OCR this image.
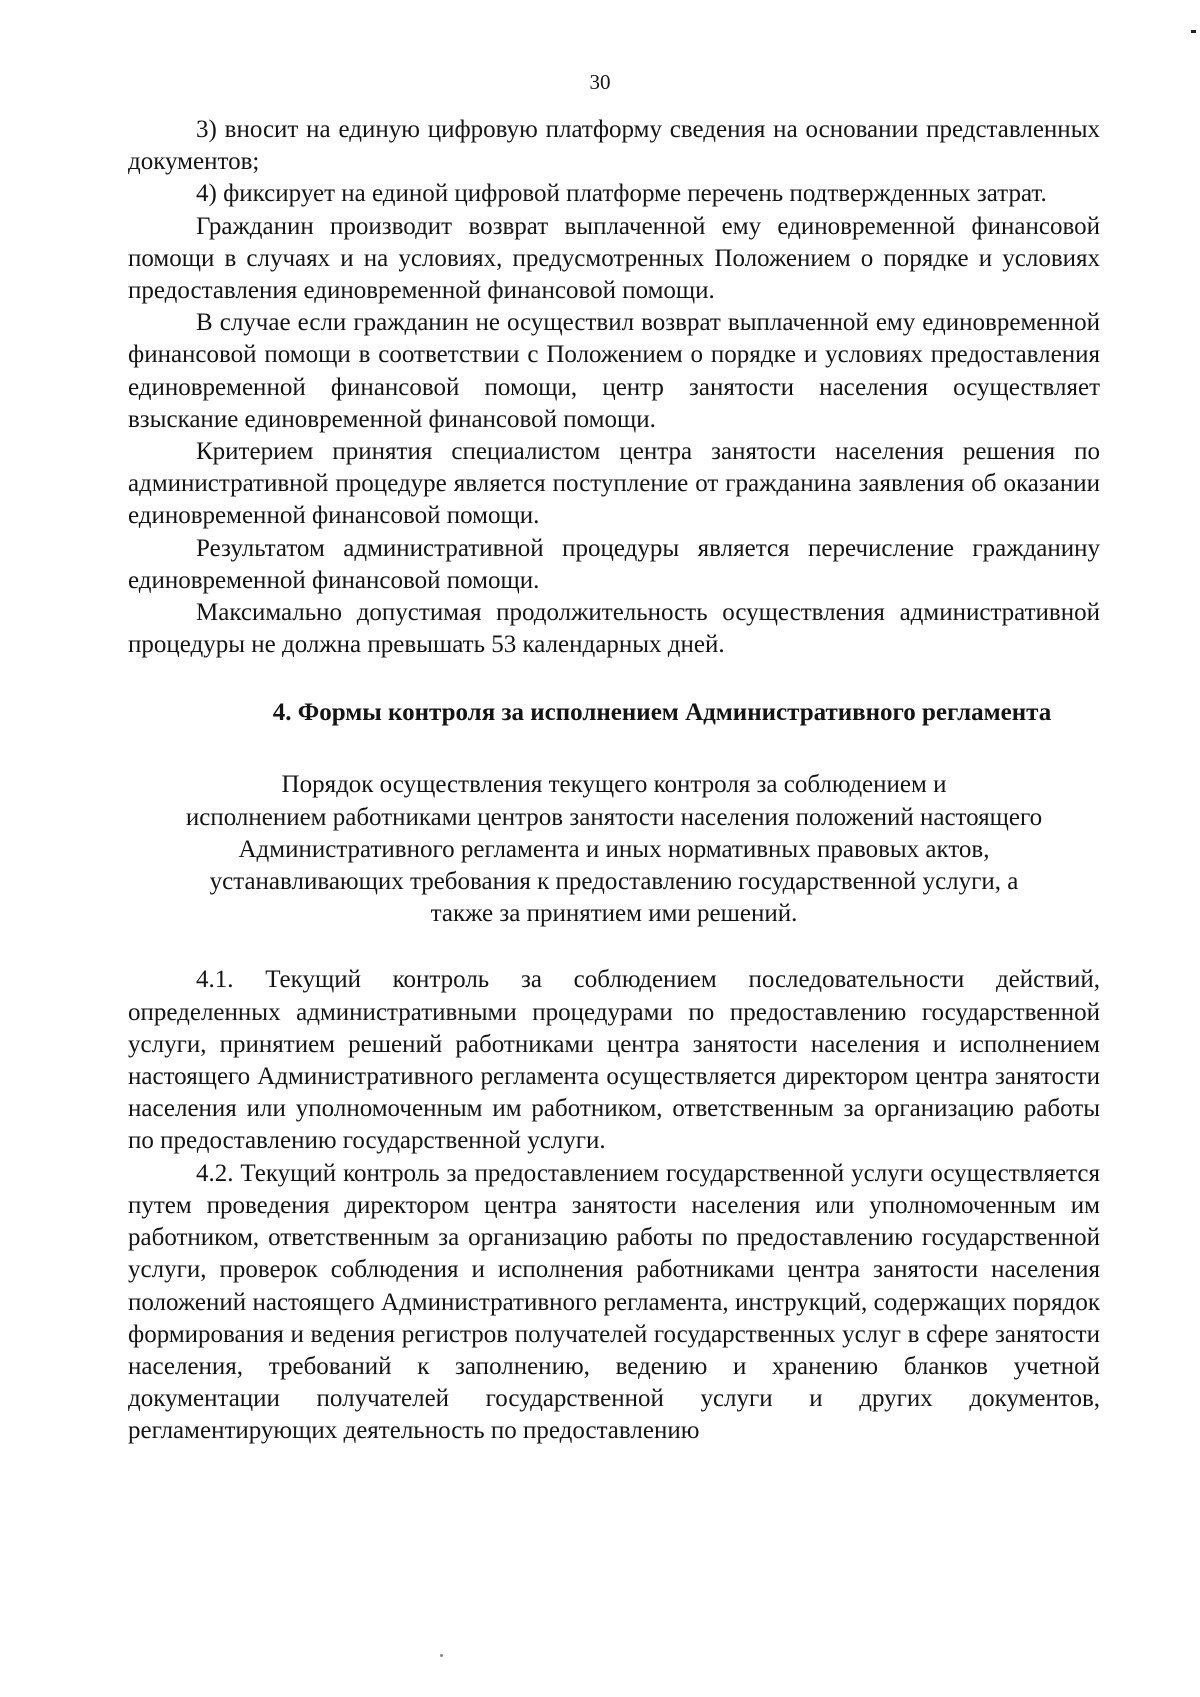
30

3) вносит на единую цифровую платформу сведения на основании представленных документов;

4) фиксирует на единой цифровой платформе перечень подтвержденных затрат.

Гражданин производит возврат выплаченной ему единовременной финансовой помощи в случаях и на условиях, предусмотренных Положением о порядке и условиях предоставления единовременной финансовой помощи.

В случае если гражданин не осуществил возврат выплаченной ему единовременной финансовой помощи в соответствии с Положением о порядке и условиях предоставления единовременной финансовой помощи, центр занятости населения осуществляет взыскание единовременной финансовой помощи.

Критерием принятия специалистом центра занятости населения решения по административной процедуре является поступление от гражданина заявления об оказании единовременной финансовой помощи.

Результатом административной процедуры является перечисление гражданину единовременной финансовой помощи.

Максимально допустимая продолжительность осуществления административной процедуры не должна превышать 53 календарных дней.

4. Формы контроля за исполнением Административного регламента
Порядок осуществления текущего контроля за соблюдением и
исполнением работниками центров занятости населения положений настоящего
Административного регламента и иных нормативных правовых актов,
устанавливающих требования к предоставлению государственной услуги, а
также за принятием ими решений.

4.1. Текущий контроль за соблюдением последовательности действий, определенных административными процедурами по предоставлению государственной услуги, принятием решений работниками центра занятости населения и исполнением настоящего Административного регламента осуществляется директором центра занятости населения или уполномоченным им работником, ответственным за организацию работы по предоставлению государственной услуги.

4.2. Текущий контроль за предоставлением государственной услуги осуществляется путем проведения директором центра занятости населения или уполномоченным им работником, ответственным за организацию работы по предоставлению государственной услуги, проверок соблюдения и исполнения работниками центра занятости населения положений настоящего Административного регламента, инструкций, содержащих порядок формирования и ведения регистров получателей государственных услуг в сфере занятости населения, требований к заполнению, ведению и хранению бланков учетной документации получателей государственной услуги и других документов, регламентирующих деятельность по предоставлению
